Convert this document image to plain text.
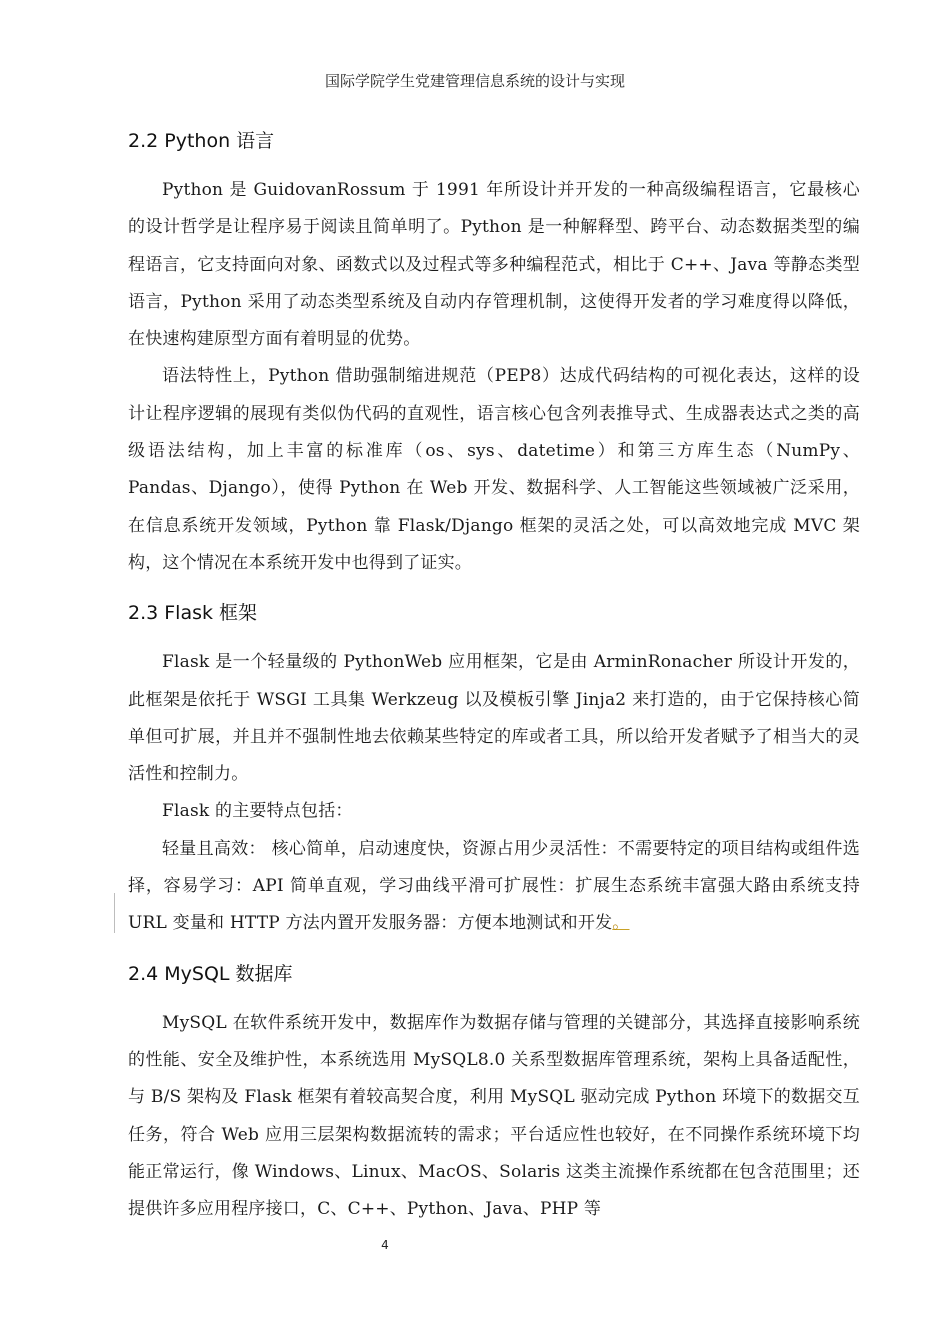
国际学院学生党建管理信息系统的设计与实现
2.2 Python 语言

Python 是 GuidovanRossum 于 1991 年所设计并开发的一种高级编程语言，它最核心的设计哲学是让程序易于阅读且简单明了。Python 是一种解释型、跨平台、动态数据类型的编程语言，它支持面向对象、函数式以及过程式等多种编程范式，相比于 C++、Java 等静态类型语言，Python 采用了动态类型系统及自动内存管理机制，这使得开发者的学习难度得以降低，在快速构建原型方面有着明显的优势。

语法特性上，Python 借助强制缩进规范（PEP8）达成代码结构的可视化表达，这样的设计让程序逻辑的展现有类似伪代码的直观性，语言核心包含列表推导式、生成器表达式之类的高级语法结构，加上丰富的标准库（os、sys、datetime）和第三方库生态（NumPy、Pandas、Django），使得 Python 在 Web 开发、数据科学、人工智能这些领域被广泛采用，在信息系统开发领域，Python 靠 Flask/Django 框架的灵活之处，可以高效地完成 MVC 架构，这个情况在本系统开发中也得到了证实。

2.3 Flask 框架

Flask 是一个轻量级的 PythonWeb 应用框架，它是由 ArminRonacher 所设计开发的，此框架是依托于 WSGI 工具集 Werkzeug 以及模板引擎 Jinja2 来打造的，由于它保持核心简单但可扩展，并且并不强制性地去依赖某些特定的库或者工具，所以给开发者赋予了相当大的灵活性和控制力。

Flask 的主要特点包括：

轻量且高效： 核心简单，启动速度快，资源占用少灵活性：不需要特定的项目结构或组件选择，容易学习：API 简单直观，学习曲线平滑可扩展性：扩展生态系统丰富强大路由系统支持 URL 变量和 HTTP 方法内置开发服务器：方便本地测试和开发。

2.4 MySQL 数据库

MySQL 在软件系统开发中，数据库作为数据存储与管理的关键部分，其选择直接影响系统的性能、安全及维护性，本系统选用 MySQL8.0 关系型数据库管理系统，架构上具备适配性，与 B/S 架构及 Flask 框架有着较高契合度，利用 MySQL 驱动完成 Python 环境下的数据交互任务，符合 Web 应用三层架构数据流转的需求；平台适应性也较好，在不同操作系统环境下均能正常运行，像 Windows、Linux、MacOS、Solaris 这类主流操作系统都在包含范围里；还提供许多应用程序接口，C、C++、Python、Java、PHP 等

4
